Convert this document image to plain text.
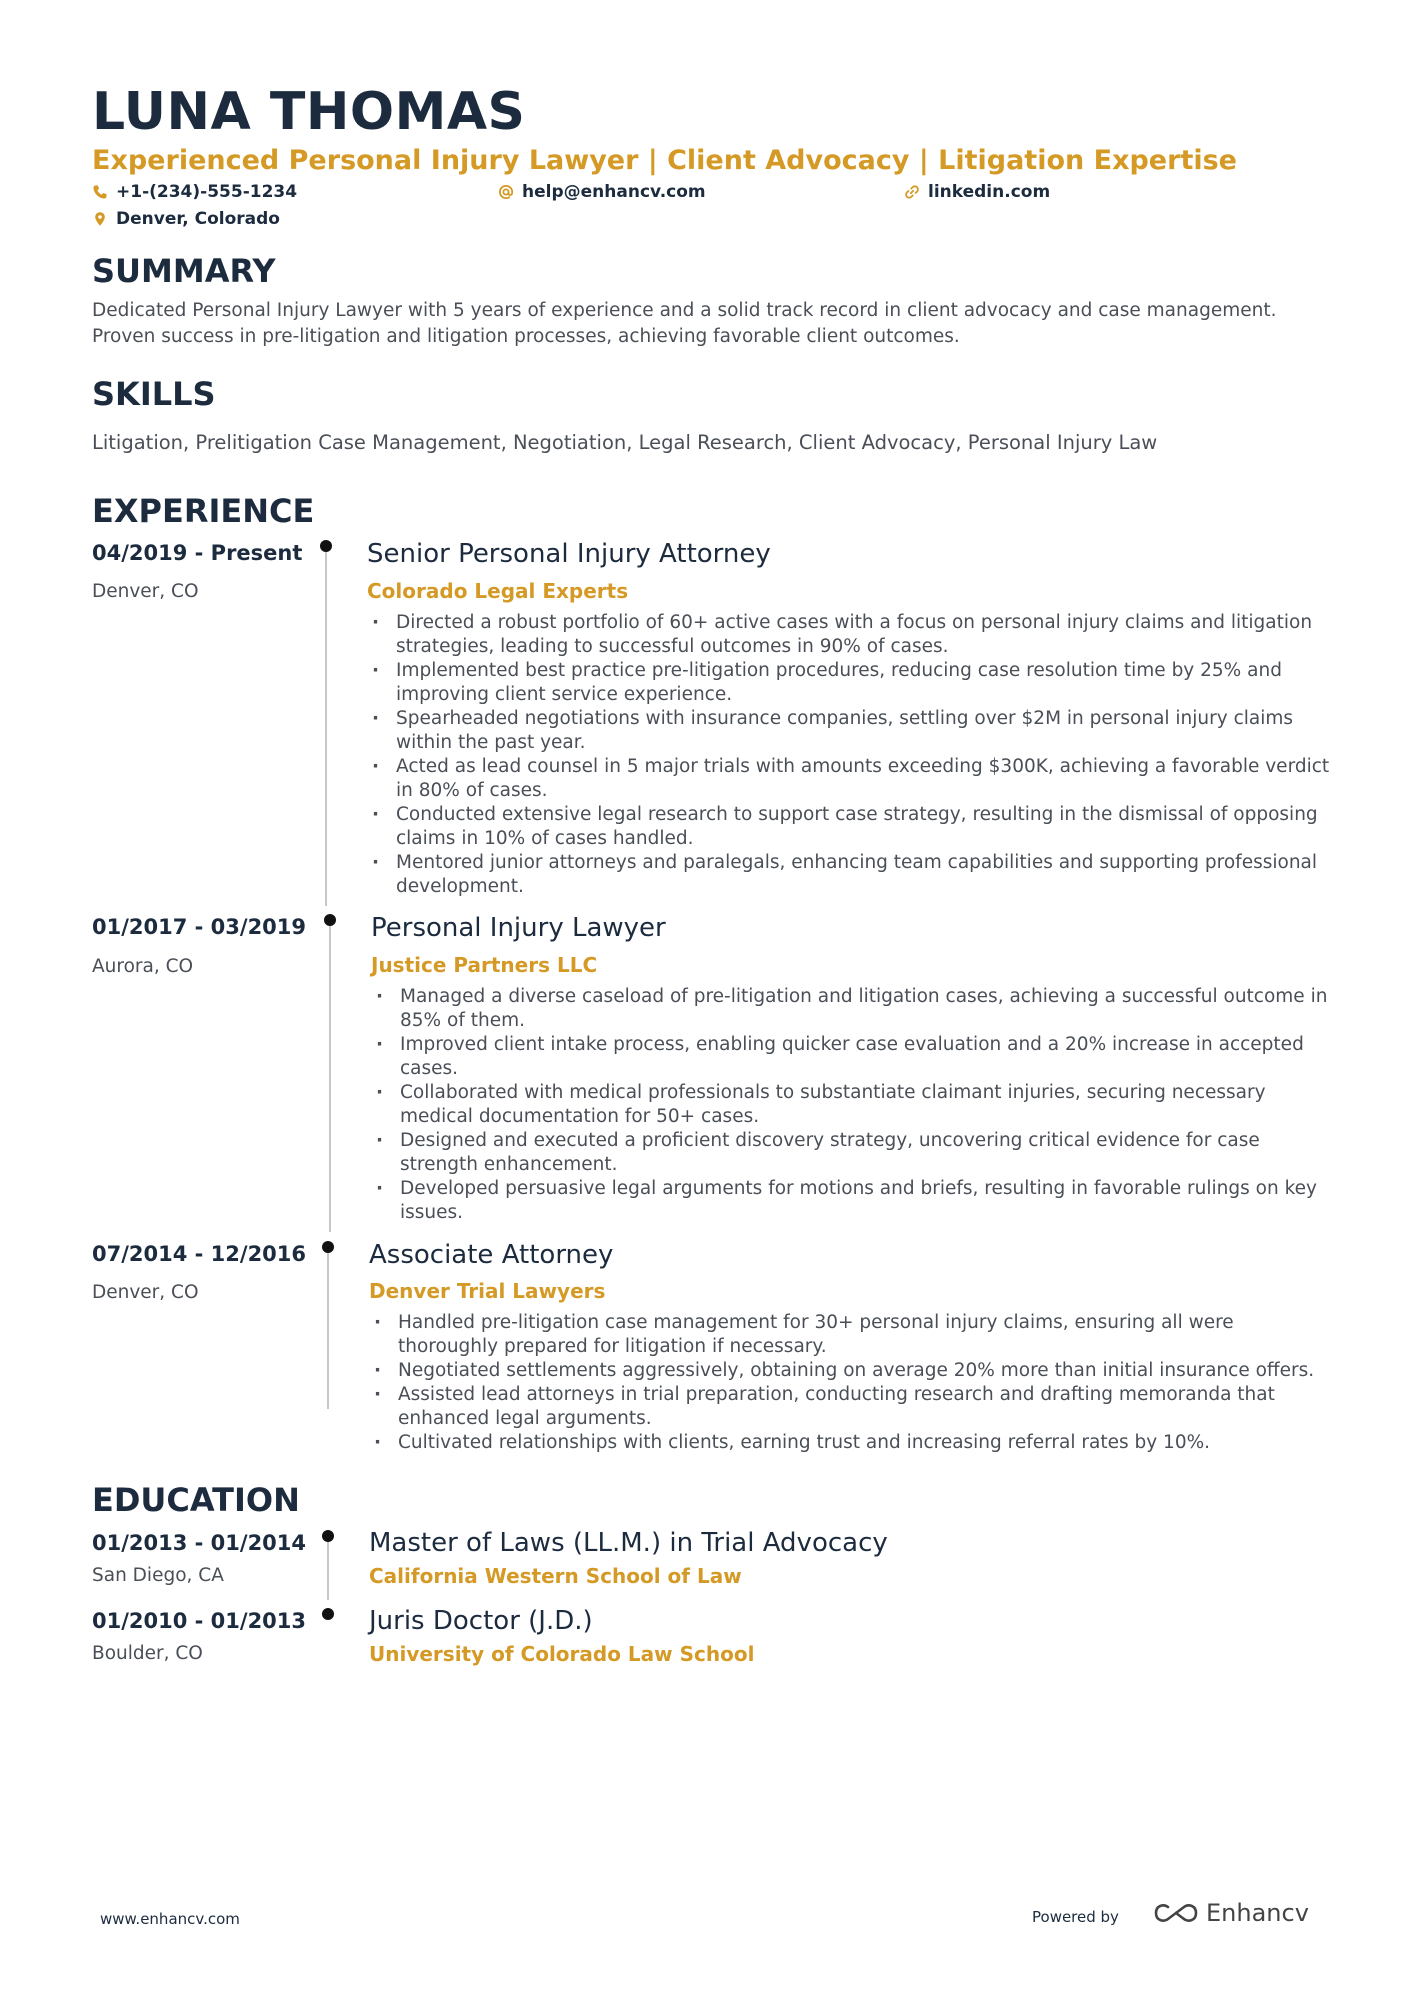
LUNA THOMAS
Experienced Personal Injury Lawyer | Client Advocacy | Litigation Expertise
+1-(234)-555-1234	help@enhancv.com	linkedin.com
Denver, Colorado
SUMMARY
Dedicated Personal Injury Lawyer with 5 years of experience and a solid track record in client advocacy and case management. Proven success in pre-litigation and litigation processes, achieving favorable client outcomes.
SKILLS
Litigation, Prelitigation Case Management, Negotiation, Legal Research, Client Advocacy, Personal Injury Law
EXPERIENCE
04/2019 - Present
Denver, CO
Senior Personal Injury Attorney
Colorado Legal Experts
· Directed a robust portfolio of 60+ active cases with a focus on personal injury claims and litigation strategies, leading to successful outcomes in 90% of cases.
· Implemented best practice pre-litigation procedures, reducing case resolution time by 25% and improving client service experience.
· Spearheaded negotiations with insurance companies, settling over $2M in personal injury claims within the past year.
· Acted as lead counsel in 5 major trials with amounts exceeding $300K, achieving a favorable verdict in 80% of cases.
· Conducted extensive legal research to support case strategy, resulting in the dismissal of opposing claims in 10% of cases handled.
· Mentored junior attorneys and paralegals, enhancing team capabilities and supporting professional development.
01/2017 - 03/2019
Aurora, CO
Personal Injury Lawyer
Justice Partners LLC
· Managed a diverse caseload of pre-litigation and litigation cases, achieving a successful outcome in 85% of them.
· Improved client intake process, enabling quicker case evaluation and a 20% increase in accepted cases.
· Collaborated with medical professionals to substantiate claimant injuries, securing necessary medical documentation for 50+ cases.
· Designed and executed a proficient discovery strategy, uncovering critical evidence for case strength enhancement.
· Developed persuasive legal arguments for motions and briefs, resulting in favorable rulings on key issues.
07/2014 - 12/2016
Denver, CO
Associate Attorney
Denver Trial Lawyers
· Handled pre-litigation case management for 30+ personal injury claims, ensuring all were thoroughly prepared for litigation if necessary.
· Negotiated settlements aggressively, obtaining on average 20% more than initial insurance offers.
· Assisted lead attorneys in trial preparation, conducting research and drafting memoranda that enhanced legal arguments.
· Cultivated relationships with clients, earning trust and increasing referral rates by 10%.
EDUCATION
01/2013 - 01/2014
San Diego, CA
Master of Laws (LL.M.) in Trial Advocacy
California Western School of Law
01/2010 - 01/2013
Boulder, CO
Juris Doctor (J.D.)
University of Colorado Law School
www.enhancv.com	Powered by	Enhancv
